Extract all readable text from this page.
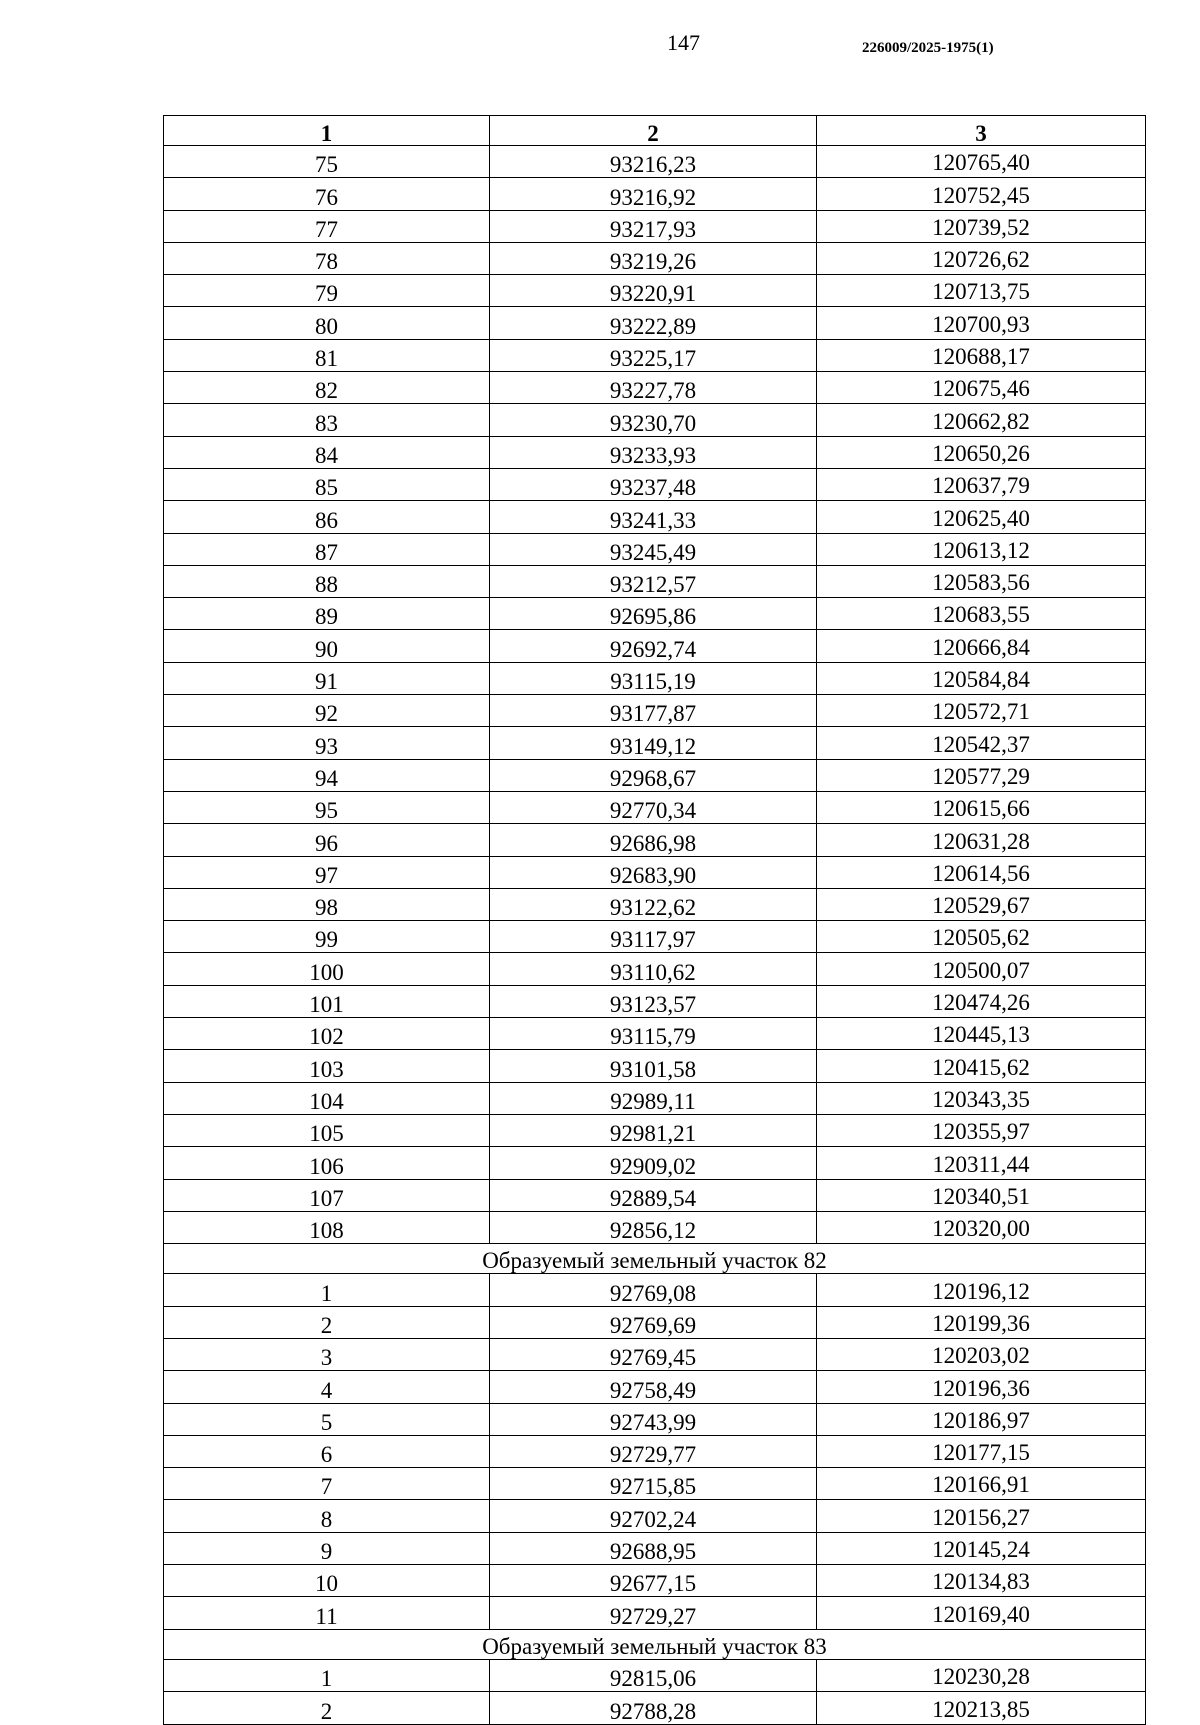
147	226009/2025-1975(1)
1	2	3
75	93216,23	120765,40
76	93216,92	120752,45
77	93217,93	120739,52
78	93219,26	120726,62
79	93220,91	120713,75
80	93222,89	120700,93
81	93225,17	120688,17
82	93227,78	120675,46
83	93230,70	120662,82
84	93233,93	120650,26
85	93237,48	120637,79
86	93241,33	120625,40
87	93245,49	120613,12
88	93212,57	120583,56
89	92695,86	120683,55
90	92692,74	120666,84
91	93115,19	120584,84
92	93177,87	120572,71
93	93149,12	120542,37
94	92968,67	120577,29
95	92770,34	120615,66
96	92686,98	120631,28
97	92683,90	120614,56
98	93122,62	120529,67
99	93117,97	120505,62
100	93110,62	120500,07
101	93123,57	120474,26
102	93115,79	120445,13
103	93101,58	120415,62
104	92989,11	120343,35
105	92981,21	120355,97
106	92909,02	120311,44
107	92889,54	120340,51
108	92856,12	120320,00
Образуемый земельный участок 82		
1	92769,08	120196,12
2	92769,69	120199,36
3	92769,45	120203,02
4	92758,49	120196,36
5	92743,99	120186,97
6	92729,77	120177,15
7	92715,85	120166,91
8	92702,24	120156,27
9	92688,95	120145,24
10	92677,15	120134,83
11	92729,27	120169,40
Образуемый земельный участок 83		
1	92815,06	120230,28
2	92788,28	120213,85
